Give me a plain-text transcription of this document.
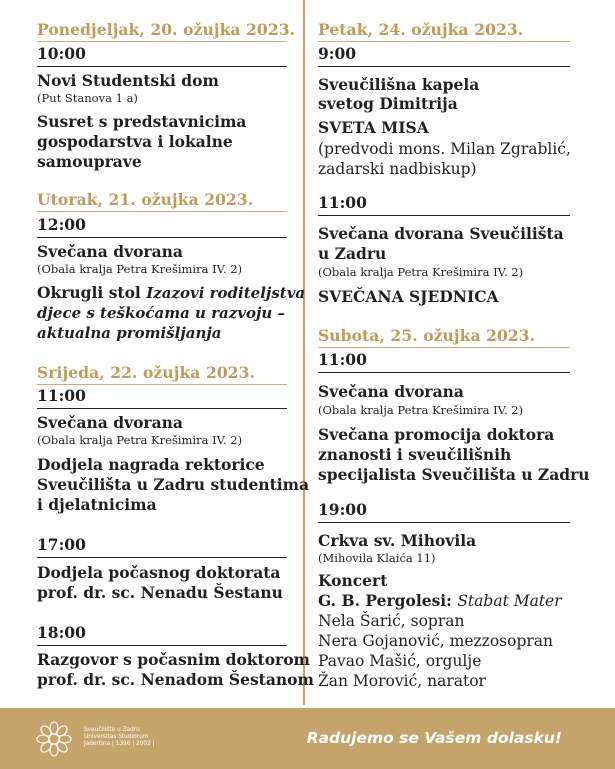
Ponedjeljak, 20. ožujka 2023.
10:00
Novi Studentski dom
(Put Stanova 1 a)
Susret s predstavnicima
gospodarstva i lokalne
samouprave
Utorak, 21. ožujka 2023.
12:00
Svečana dvorana
(Obala kralja Petra Krešimira IV. 2)
Okrugli stol Izazovi roditeljstva
djece s teškoćama u razvoju –
aktualna promišljanja
Srijeda, 22. ožujka 2023.
11:00
Svečana dvorana
(Obala kralja Petra Krešimira IV. 2)
Dodjela nagrada rektorice
Sveučilišta u Zadru studentima
i djelatnicima
17:00
Dodjela počasnog doktorata
prof. dr. sc. Nenadu Šestanu
18:00
Razgovor s počasnim doktorom
prof. dr. sc. Nenadom Šestanom
Petak, 24. ožujka 2023.
9:00
Sveučilišna kapela
svetog Dimitrija
SVETA MISA
(predvodi mons. Milan Zgrablić,
zadarski nadbiskup)
11:00
Svečana dvorana Sveučilišta
u Zadru
(Obala kralja Petra Krešimira IV. 2)
SVEČANA SJEDNICA
Subota, 25. ožujka 2023.
11:00
Svečana dvorana
(Obala kralja Petra Krešimira IV. 2)
Svečana promocija doktora
znanosti i sveučilišnih
specijalista Sveučilišta u Zadru
19:00
Crkva sv. Mihovila
(Mihovila Klaića 11)
Koncert
G. B. Pergolesi: Stabat Mater
Nela Šarić, sopran
Nera Gojanović, mezzosopran
Pavao Mašić, orgulje
Žan Morović, narator
Sveučilište u Zadru
Universitas Studiorum
Jadertina | 1396 | 2002 |	Radujemo se Vašem dolasku!
